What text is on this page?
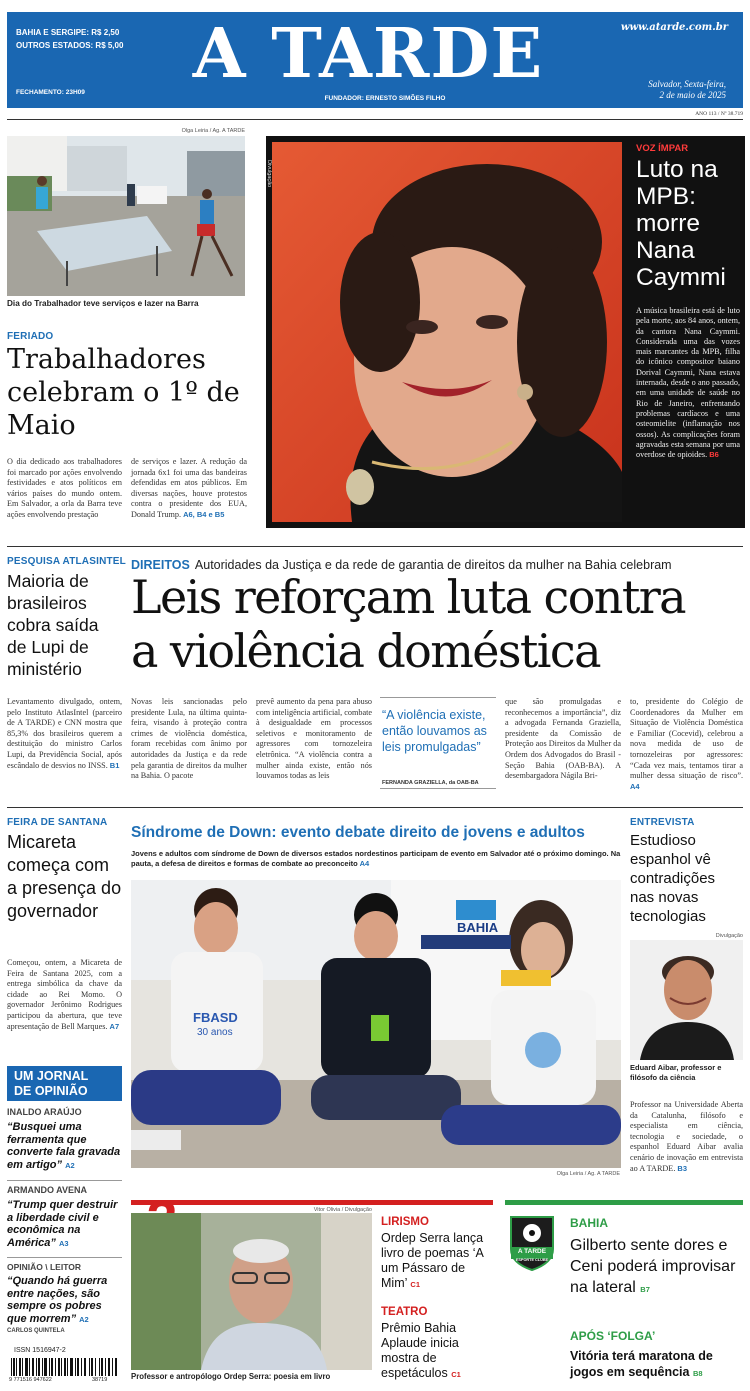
BAHIA E SERGIPE: R$ 2,50
OUTROS ESTADOS: R$ 5,00
FECHAMENTO: 23H09	A TARDE
FUNDADOR: ERNESTO SIMÕES FILHO
www.atarde.com.br
Salvador, Sexta-feira,
2 de maio de 2025
ANO 113 / Nº 38.719
Olga Leiria / Ag. A TARDE
Dia do Trabalhador teve serviços e lazer na Barra
FERIADO
Trabalhadores celebram o 1º de Maio
O dia dedicado aos trabalhadores foi marcado por ações envolvendo festividades e atos políticos em vários países do mundo ontem. Em Salvador, a orla da Barra teve ações envolvendo prestação
de serviços e lazer. A redução da jornada 6x1 foi uma das bandeiras defendidas em atos públicos. Em diversas nações, houve protestos contra o presidente dos EUA, Donald Trump. A6, B4 e B5
Divulgação
VOZ ÍMPAR
Luto na MPB: morre Nana Caymmi
A música brasileira está de luto pela morte, aos 84 anos, ontem, da cantora Nana Caymmi. Considerada uma das vozes mais marcantes da MPB, filha do icônico compositor baiano Dorival Caymmi, Nana estava internada, desde o ano passado, em uma unidade de saúde no Rio de Janeiro, enfrentando problemas cardíacos e uma osteomielite (inflamação nos ossos). As complicações foram agravadas esta semana por uma overdose de opioides. B6
PESQUISA ATLASINTEL
Maioria de brasileiros cobra saída de Lupi de ministério
Levantamento divulgado, ontem, pelo Instituto AtlasIntel (parceiro de A TARDE) e CNN mostra que 85,3% dos brasileiros querem a destituição do ministro Carlos Lupi, da Previdência Social, após escândalo de desvios no INSS. B1
DIREITOS Autoridades da Justiça e da rede de garantia de direitos da mulher na Bahia celebram
Leis reforçam luta contra
a violência doméstica
Novas leis sancionadas pelo presidente Lula, na última quinta-feira, visando à proteção contra crimes de violência doméstica, foram recebidas com ânimo por autoridades da Justiça e da rede pela garantia de direitos da mulher na Bahia. O pacote
prevê aumento da pena para abuso com inteligência artificial, combate à desigualdade em processos seletivos e monitoramento de agressores com tornozeleira eletrônica. “A violência contra a mulher ainda existe, então nós louvamos todas as leis
“A violência existe, então louvamos as leis promulgadas”
FERNANDA GRAZIELLA, da OAB-BA
que são promulgadas e reconhecemos a importância”, diz a advogada Fernanda Graziella, presidente da Comissão de Proteção aos Direitos da Mulher da Ordem dos Advogados do Brasil - Seção Bahia (OAB-BA). A desembargadora Nágila Bri-
to, presidente do Colégio de Coordenadores da Mulher em Situação de Violência Doméstica e Familiar (Cocevid), celebrou a nova medida de uso de tornozeleiras por agressores: “Cada vez mais, tentamos tirar a mulher dessa situação de risco”. A4
FEIRA DE SANTANA
Micareta começa com a presença do governador
Começou, ontem, a Micareta de Feira de Santana 2025, com a entrega simbólica da chave da cidade ao Rei Momo. O governador Jerônimo Rodrigues participou da abertura, que teve apresentação de Bell Marques. A7
Síndrome de Down: evento debate direito de jovens e adultos
Jovens e adultos com síndrome de Down de diversos estados nordestinos participam de evento em Salvador até o próximo domingo. Na pauta, a defesa de direitos e formas de combate ao preconceito A4
FBASD
30 anos
BAHIA
Olga Leiria / Ag. A TARDE
ENTREVISTA
Estudioso espanhol vê contradições nas novas tecnologias
Divulgação
Eduard Aibar, professor e filósofo da ciência
Professor na Universidade Aberta da Catalunha, filósofo e especialista em ciência, tecnologia e sociedade, o espanhol Eduard Aibar avalia cenário de inovação em entrevista ao A TARDE. B3
UM JORNAL
DE OPINIÃO
INALDO ARAÚJO
“Busquei uma ferramenta que converte fala gravada em artigo” A2
ARMANDO AVENA
“Trump quer destruir a liberdade civil e econômica na América” A3
OPINIÃO \ LEITOR
“Quando há guerra entre nações, são sempre os pobres que morrem” A2
CARLOS QUINTELA
ISSN 1516947-2
9 771516 947622	38719
Vitor Olivia / Divulgação
Professor e antropólogo Ordep Serra: poesia em livro
LIRISMO
Ordep Serra lança livro de poemas ‘A um Pássaro de Mim’ C1
TEATRO
Prêmio Bahia Aplaude inicia mostra de espetáculos C1
A TARDE
ESPORTE CLUBE
BAHIA
Gilberto sente dores e Ceni poderá improvisar na lateral B7
APÓS ‘FOLGA’
Vitória terá maratona de jogos em sequência B8
